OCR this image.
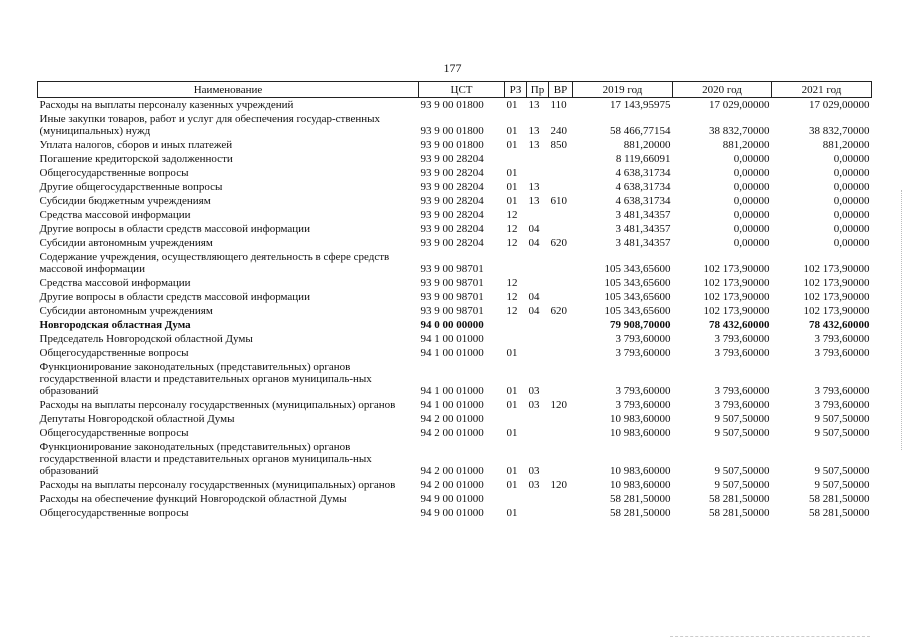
177
Наименование	ЦСТ	РЗ	Пр	ВР	2019 год	2020 год	2021 год
Расходы на выплаты персоналу казенных учреждений	93 9 00 01800	01	13	110	17 143,95975	17 029,00000	17 029,00000
Иные закупки товаров, работ и услуг для обеспечения государ-ственных (муниципальных) нужд	93 9 00 01800	01	13	240	58 466,77154	38 832,70000	38 832,70000
Уплата налогов, сборов и иных платежей	93 9 00 01800	01	13	850	881,20000	881,20000	881,20000
Погашение кредиторской задолженности	93 9 00 28204				8 119,66091	0,00000	0,00000
Общегосударственные вопросы	93 9 00 28204	01			4 638,31734	0,00000	0,00000
Другие общегосударственные вопросы	93 9 00 28204	01	13		4 638,31734	0,00000	0,00000
Субсидии бюджетным учреждениям	93 9 00 28204	01	13	610	4 638,31734	0,00000	0,00000
Средства массовой информации	93 9 00 28204	12			3 481,34357	0,00000	0,00000
Другие вопросы в области средств массовой информации	93 9 00 28204	12	04		3 481,34357	0,00000	0,00000
Субсидии автономным учреждениям	93 9 00 28204	12	04	620	3 481,34357	0,00000	0,00000
Содержание учреждения, осуществляющего деятельность в сфере средств массовой информации	93 9 00 98701				105 343,65600	102 173,90000	102 173,90000
Средства массовой информации	93 9 00 98701	12			105 343,65600	102 173,90000	102 173,90000
Другие вопросы в области средств массовой информации	93 9 00 98701	12	04		105 343,65600	102 173,90000	102 173,90000
Субсидии автономным учреждениям	93 9 00 98701	12	04	620	105 343,65600	102 173,90000	102 173,90000
Новгородская областная Дума	94 0 00 00000				79 908,70000	78 432,60000	78 432,60000
Председатель Новгородской областной Думы	94 1 00 01000				3 793,60000	3 793,60000	3 793,60000
Общегосударственные вопросы	94 1 00 01000	01			3 793,60000	3 793,60000	3 793,60000
Функционирование законодательных (представительных) органов государственной власти и представительных органов муниципаль-ных образований	94 1 00 01000	01	03		3 793,60000	3 793,60000	3 793,60000
Расходы на выплаты персоналу государственных (муниципальных) органов	94 1 00 01000	01	03	120	3 793,60000	3 793,60000	3 793,60000
Депутаты Новгородской областной Думы	94 2 00 01000				10 983,60000	9 507,50000	9 507,50000
Общегосударственные вопросы	94 2 00 01000	01			10 983,60000	9 507,50000	9 507,50000
Функционирование законодательных (представительных) органов государственной власти и представительных органов муниципаль-ных образований	94 2 00 01000	01	03		10 983,60000	9 507,50000	9 507,50000
Расходы на выплаты персоналу государственных (муниципальных) органов	94 2 00 01000	01	03	120	10 983,60000	9 507,50000	9 507,50000
Расходы на обеспечение функций Новгородской областной Думы	94 9 00 01000				58 281,50000	58 281,50000	58 281,50000
Общегосударственные вопросы	94 9 00 01000	01			58 281,50000	58 281,50000	58 281,50000
